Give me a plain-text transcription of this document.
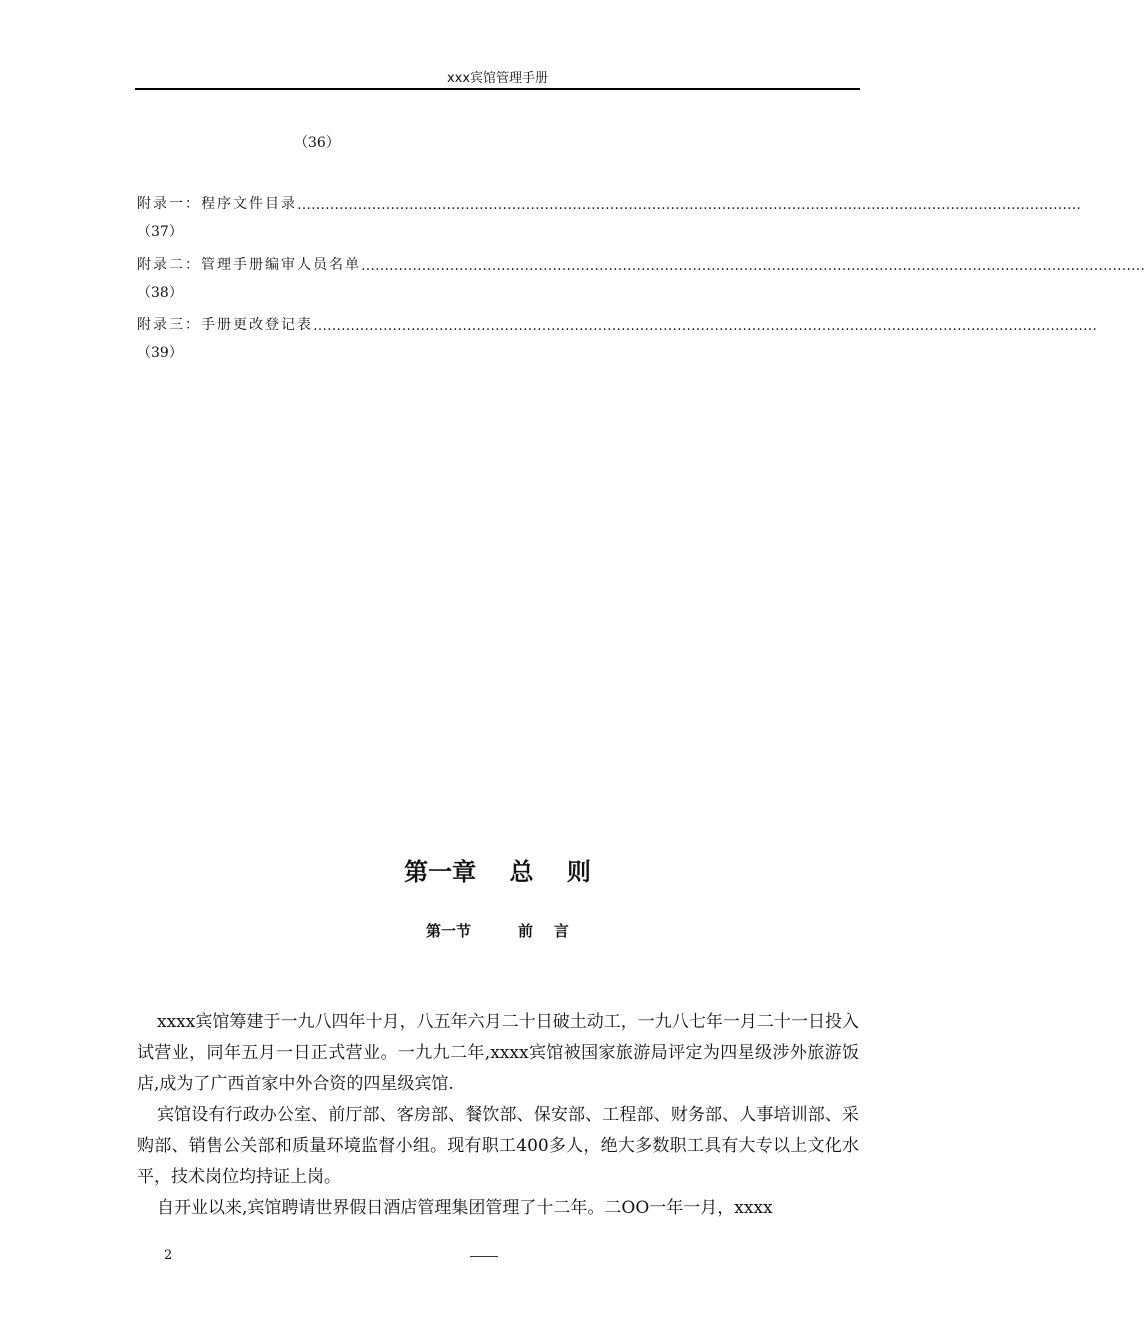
xxx宾馆管理手册
（36）
附录一：程序文件目录 ……………………………………………………………………………………………………………………………………………………
（37）
附录二：管理手册编审人员名单 ……………………………………………………………………………………………………………………………………………………
（38）
附录三：手册更改登记表 ……………………………………………………………………………………………………………………………………………………
（39）
第一章    总    则
第一节         前    言

xxxx宾馆筹建于一九八四年十月，八五年六月二十日破土动工，一九八七年一月二十一日投入试营业，同年五月一日正式营业。一九九二年,xxxx宾馆被国家旅游局评定为四星级涉外旅游饭店,成为了广西首家中外合资的四星级宾馆.

宾馆设有行政办公室、前厅部、客房部、餐饮部、保安部、工程部、财务部、人事培训部、采购部、销售公关部和质量环境监督小组。现有职工400多人，绝大多数职工具有大专以上文化水平，技术岗位均持证上岗。

自开业以来,宾馆聘请世界假日酒店管理集团管理了十二年。二OO一年一月，xxxx

2
